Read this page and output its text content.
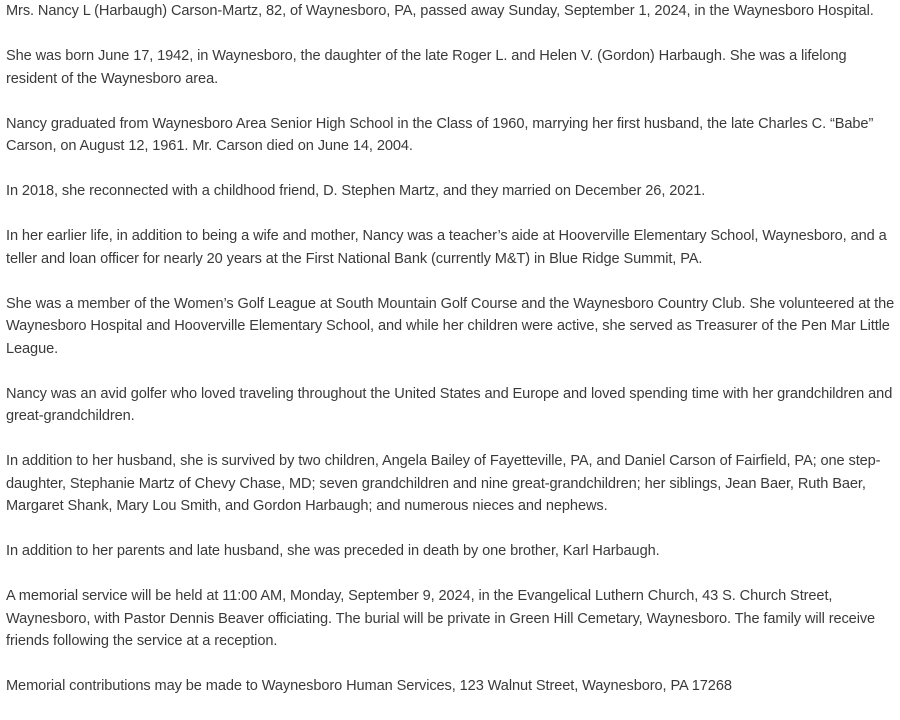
Mrs. Nancy L (Harbaugh) Carson-Martz, 82, of Waynesboro, PA, passed away Sunday, September 1, 2024, in the Waynesboro Hospital.

She was born June 17, 1942, in Waynesboro, the daughter of the late Roger L. and Helen V. (Gordon) Harbaugh. She was a lifelong resident of the Waynesboro area.

Nancy graduated from Waynesboro Area Senior High School in the Class of 1960, marrying her first husband, the late Charles C. “Babe” Carson, on August 12, 1961. Mr. Carson died on June 14, 2004.

In 2018, she reconnected with a childhood friend, D. Stephen Martz, and they married on December 26, 2021.

In her earlier life, in addition to being a wife and mother, Nancy was a teacher’s aide at Hooverville Elementary School, Waynesboro, and a teller and loan officer for nearly 20 years at the First National Bank (currently M&T) in Blue Ridge Summit, PA.

She was a member of the Women’s Golf League at South Mountain Golf Course and the Waynesboro Country Club. She volunteered at the Waynesboro Hospital and Hooverville Elementary School, and while her children were active, she served as Treasurer of the Pen Mar Little League.

Nancy was an avid golfer who loved traveling throughout the United States and Europe and loved spending time with her grandchildren and great-grandchildren.

In addition to her husband, she is survived by two children, Angela Bailey of Fayetteville, PA, and Daniel Carson of Fairfield, PA; one step-daughter, Stephanie Martz of Chevy Chase, MD; seven grandchildren and nine great-grandchildren; her siblings, Jean Baer, Ruth Baer, Margaret Shank, Mary Lou Smith, and Gordon Harbaugh; and numerous nieces and nephews.

In addition to her parents and late husband, she was preceded in death by one brother, Karl Harbaugh.

A memorial service will be held at 11:00 AM, Monday, September 9, 2024, in the Evangelical Luthern Church, 43 S. Church Street, Waynesboro, with Pastor Dennis Beaver officiating. The burial will be private in Green Hill Cemetary, Waynesboro. The family will receive friends following the service at a reception.

Memorial contributions may be made to Waynesboro Human Services, 123 Walnut Street, Waynesboro, PA 17268
